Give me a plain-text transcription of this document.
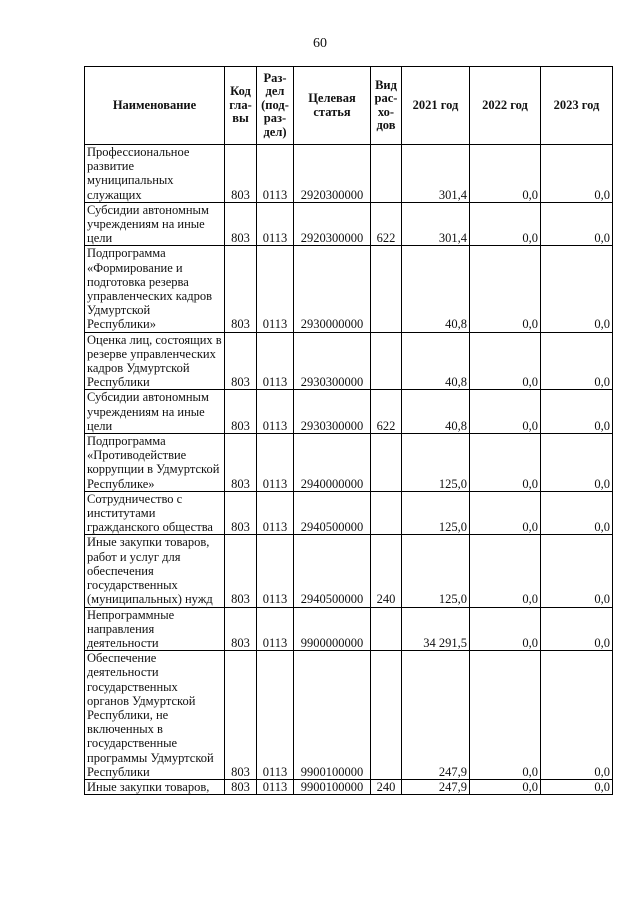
60
Наименование	Код гла- вы	Раз- дел (под- раз- дел)	Целевая статья	Вид рас- хо- дов	2021 год	2022 год	2023 год
Профессиональное развитие муниципальных служащих	803	0113	2920300000		301,4	0,0	0,0
Субсидии автономным учреждениям на иные цели	803	0113	2920300000	622	301,4	0,0	0,0
Подпрограмма «Формирование и подготовка резерва управленческих кадров Удмуртской Республики»	803	0113	2930000000		40,8	0,0	0,0
Оценка лиц, состоящих в резерве управленческих кадров Удмуртской Республики	803	0113	2930300000		40,8	0,0	0,0
Субсидии автономным учреждениям на иные цели	803	0113	2930300000	622	40,8	0,0	0,0
Подпрограмма «Противодействие коррупции в Удмуртской Республике»	803	0113	2940000000		125,0	0,0	0,0
Сотрудничество с институтами гражданского общества	803	0113	2940500000		125,0	0,0	0,0
Иные закупки товаров, работ и услуг для обеспечения государственных (муниципальных) нужд	803	0113	2940500000	240	125,0	0,0	0,0
Непрограммные направления деятельности	803	0113	9900000000		34 291,5	0,0	0,0
Обеспечение деятельности государственных органов Удмуртской Республики, не включенных в государственные программы Удмуртской Республики	803	0113	9900100000		247,9	0,0	0,0
Иные закупки товаров,	803	0113	9900100000	240	247,9	0,0	0,0
